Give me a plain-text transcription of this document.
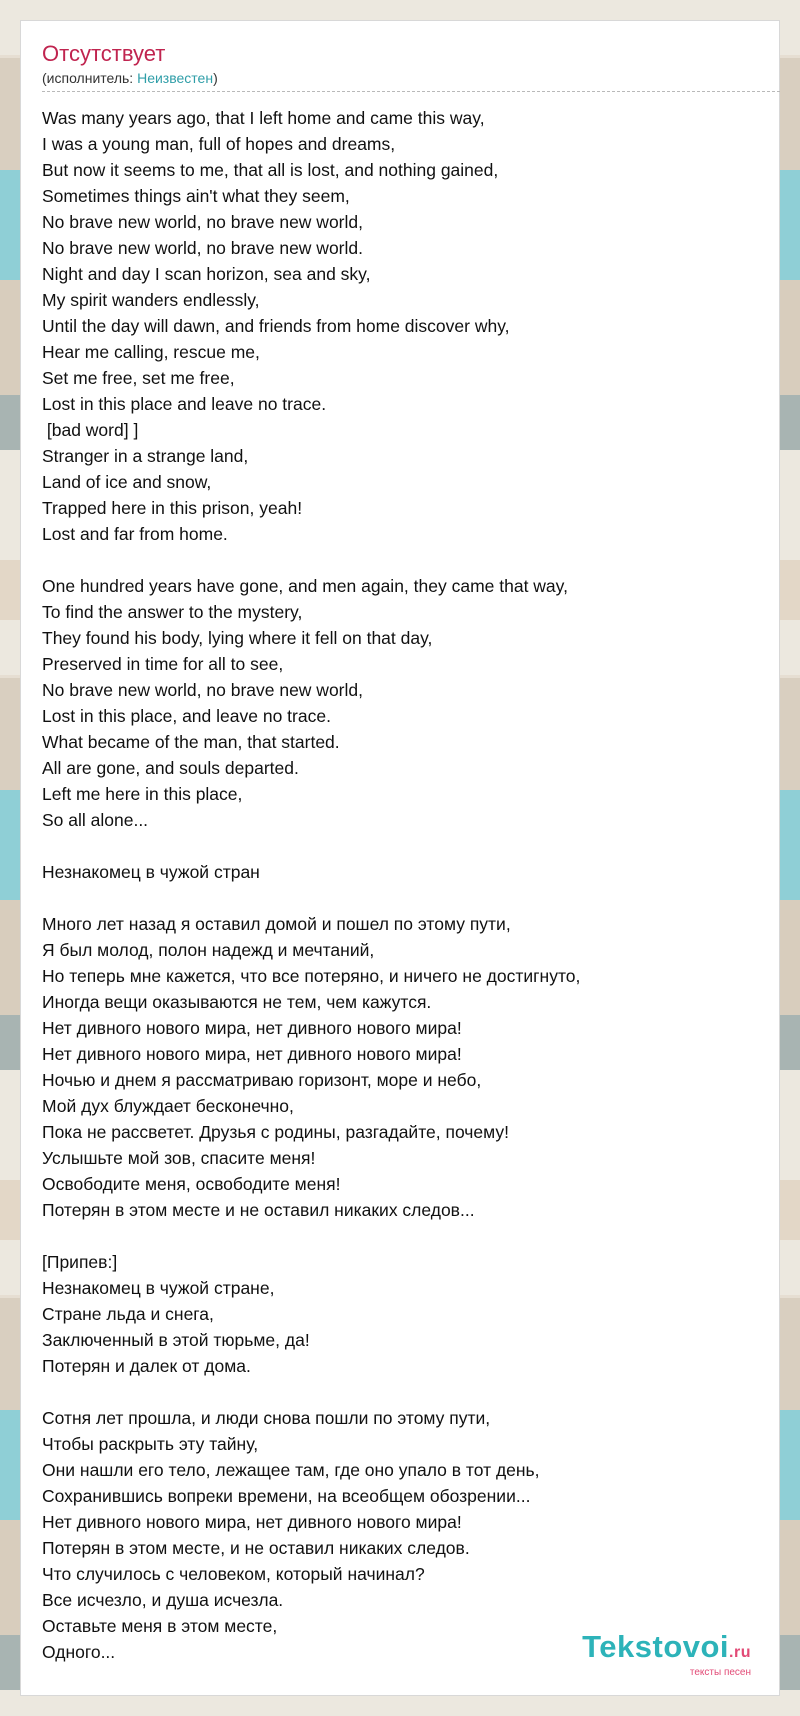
Отсутствует
(исполнитель: Неизвестен)
Was many years ago, that I left home and came this way,
I was a young man, full of hopes and dreams,
But now it seems to me, that all is lost, and nothing gained,
Sometimes things ain't what they seem,
No brave new world, no brave new world,
No brave new world, no brave new world.
Night and day I scan horizon, sea and sky,
My spirit wanders endlessly,
Until the day will dawn, and friends from home discover why,
Hear me calling, rescue me,
Set me free, set me free,
Lost in this place and leave no trace.
[bad word] ]
Stranger in a strange land,
Land of ice and snow,
Trapped here in this prison, yeah!
Lost and far from home.
One hundred years have gone, and men again, they came that way,
To find the answer to the mystery,
They found his body, lying where it fell on that day,
Preserved in time for all to see,
No brave new world, no brave new world,
Lost in this place, and leave no trace.
What became of the man, that started.
All are gone, and souls departed.
Left me here in this place,
So all alone...
Незнакомец в чужой стран
Много лет назад я оставил домой и пошел по этому пути,
Я был молод, полон надежд и мечтаний,
Но теперь мне кажется, что все потеряно, и ничего не достигнуто,
Иногда вещи оказываются не тем, чем кажутся.
Нет дивного нового мира, нет дивного нового мира!
Нет дивного нового мира, нет дивного нового мира!
Ночью и днем я рассматриваю горизонт, море и небо,
Мой дух блуждает бесконечно,
Пока не рассветет. Друзья с родины, разгадайте, почему!
Услышьте мой зов, спасите меня!
Освободите меня, освободите меня!
Потерян в этом месте и не оставил никаких следов...
[Припев:]
Незнакомец в чужой стране,
Стране льда и снега,
Заключенный в этой тюрьме, да!
Потерян и далек от дома.
Сотня лет прошла, и люди снова пошли по этому пути,
Чтобы раскрыть эту тайну,
Они нашли его тело, лежащее там, где оно упало в тот день,
Сохранившись вопреки времени, на всеобщем обозрении...
Нет дивного нового мира, нет дивного нового мира!
Потерян в этом месте, и не оставил никаких следов.
Что случилось с человеком, который начинал?
Все исчезло, и душа исчезла.
Оставьте меня в этом месте,
Одного...	Tekstovoi.ru
тексты песен
